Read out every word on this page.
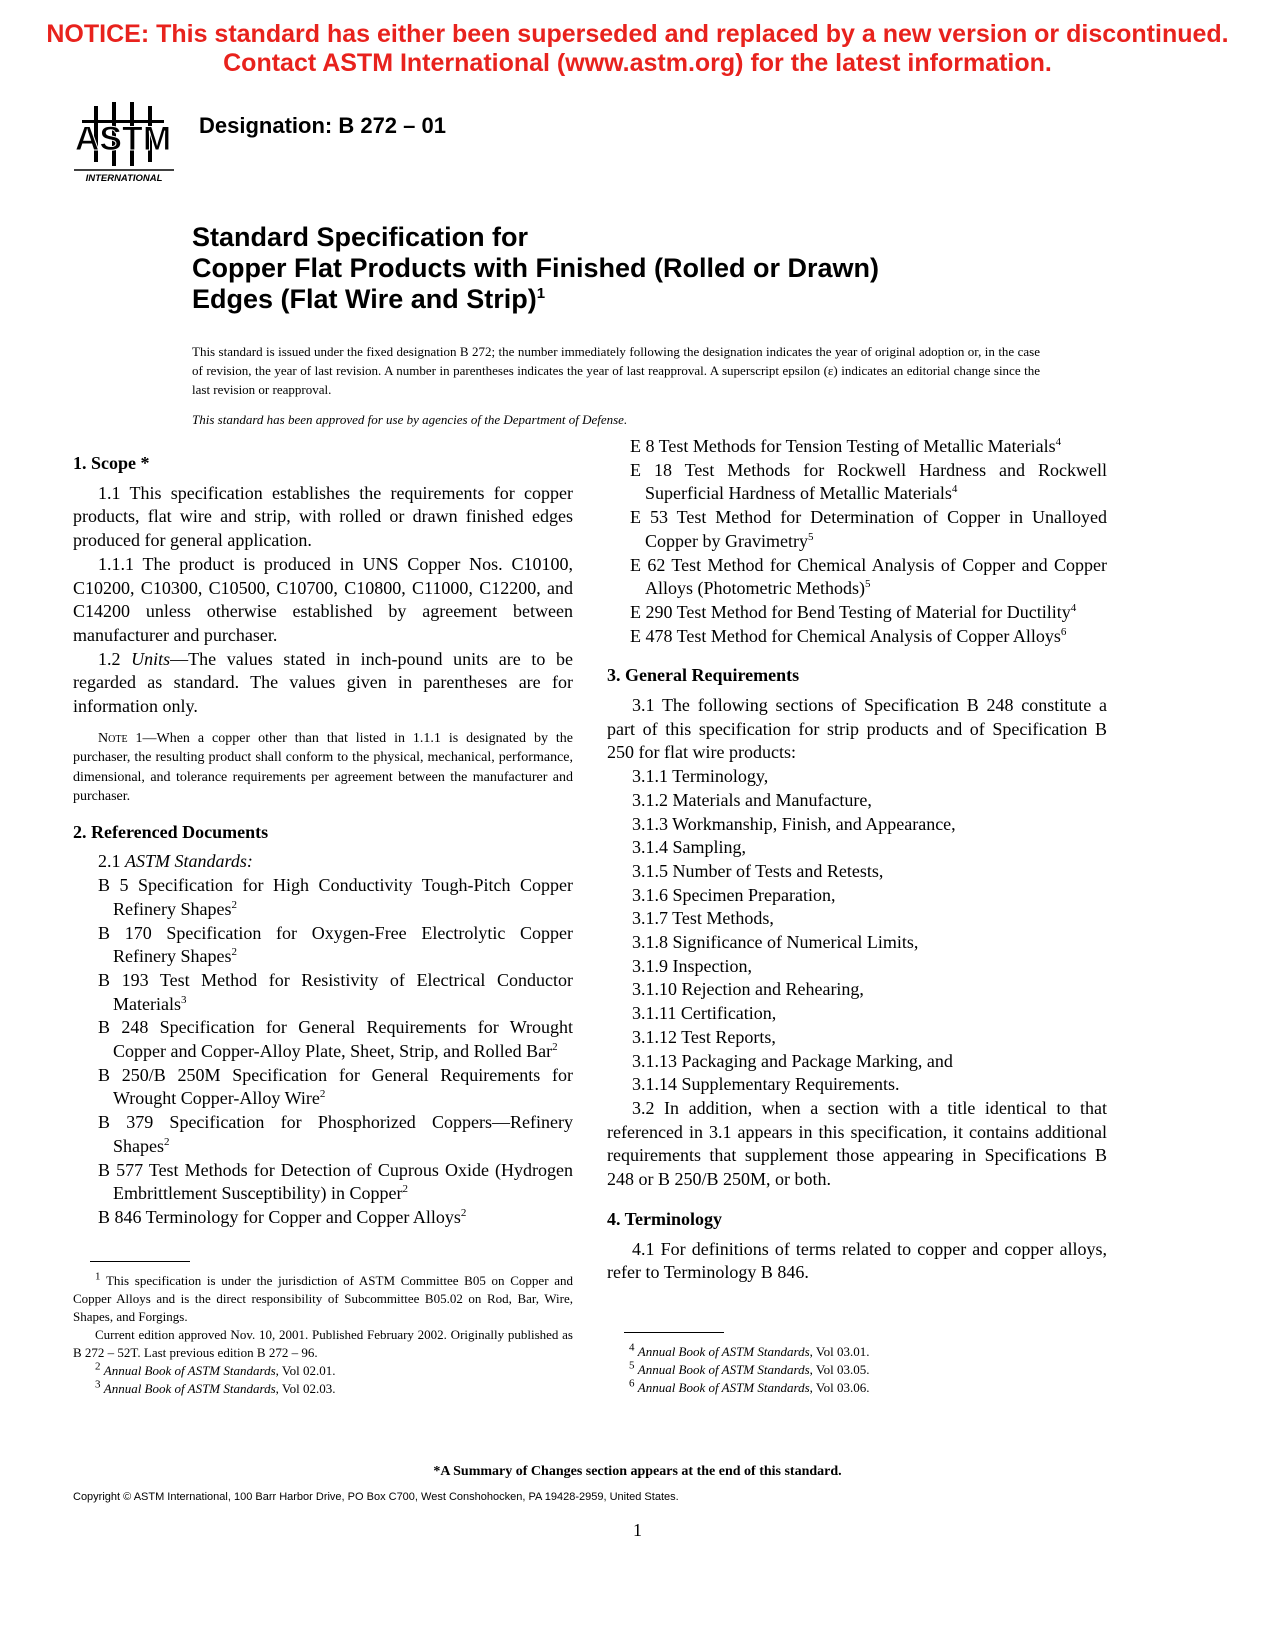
NOTICE: This standard has either been superseded and replaced by a new version or discontinued.
Contact ASTM International (www.astm.org) for the latest information.
ASTM
INTERNATIONAL
Designation: B 272 – 01
Standard Specification for
Copper Flat Products with Finished (Rolled or Drawn)
Edges (Flat Wire and Strip)$^1$
This standard is issued under the fixed designation B 272; the number immediately following the designation indicates the year of original adoption or, in the case of revision, the year of last revision. A number in parentheses indicates the year of last reapproval. A superscript epsilon (ε) indicates an editorial change since the last revision or reapproval.
This standard has been approved for use by agencies of the Department of Defense.
1. Scope *

1.1 This specification establishes the requirements for copper products, flat wire and strip, with rolled or drawn finished edges produced for general application.

1.1.1 The product is produced in UNS Copper Nos. C10100, C10200, C10300, C10500, C10700, C10800, C11000, C12200, and C14200 unless otherwise established by agreement between manufacturer and purchaser.

1.2 Units—The values stated in inch-pound units are to be regarded as standard. The values given in parentheses are for information only.

Note 1—When a copper other than that listed in 1.1.1 is designated by the purchaser, the resulting product shall conform to the physical, mechanical, performance, dimensional, and tolerance requirements per agreement between the manufacturer and purchaser.

2. Referenced Documents

2.1 ASTM Standards:

B 5 Specification for High Conductivity Tough-Pitch Copper Refinery Shapes$^2$
B 170 Specification for Oxygen-Free Electrolytic Copper Refinery Shapes$^2$
B 193 Test Method for Resistivity of Electrical Conductor Materials$^3$
B 248 Specification for General Requirements for Wrought Copper and Copper-Alloy Plate, Sheet, Strip, and Rolled Bar$^2$
B 250/B 250M Specification for General Requirements for Wrought Copper-Alloy Wire$^2$
B 379 Specification for Phosphorized Coppers—Refinery Shapes$^2$
B 577 Test Methods for Detection of Cuprous Oxide (Hydrogen Embrittlement Susceptibility) in Copper$^2$
B 846 Terminology for Copper and Copper Alloys$^2$

$^1$ This specification is under the jurisdiction of ASTM Committee B05 on Copper and Copper Alloys and is the direct responsibility of Subcommittee B05.02 on Rod, Bar, Wire, Shapes, and Forgings.

Current edition approved Nov. 10, 2001. Published February 2002. Originally published as B 272 – 52T. Last previous edition B 272 – 96.

$^2$ Annual Book of ASTM Standards, Vol 02.01.

$^3$ Annual Book of ASTM Standards, Vol 02.03.

E 8 Test Methods for Tension Testing of Metallic Materials$^4$
E 18 Test Methods for Rockwell Hardness and Rockwell Superficial Hardness of Metallic Materials$^4$
E 53 Test Method for Determination of Copper in Unalloyed Copper by Gravimetry$^5$
E 62 Test Method for Chemical Analysis of Copper and Copper Alloys (Photometric Methods)$^5$
E 290 Test Method for Bend Testing of Material for Ductility$^4$
E 478 Test Method for Chemical Analysis of Copper Alloys$^6$
3. General Requirements

3.1 The following sections of Specification B 248 constitute a part of this specification for strip products and of Specification B 250 for flat wire products:

3.1.1 Terminology,
3.1.2 Materials and Manufacture,
3.1.3 Workmanship, Finish, and Appearance,
3.1.4 Sampling,
3.1.5 Number of Tests and Retests,
3.1.6 Specimen Preparation,
3.1.7 Test Methods,
3.1.8 Significance of Numerical Limits,
3.1.9 Inspection,
3.1.10 Rejection and Rehearing,
3.1.11 Certification,
3.1.12 Test Reports,
3.1.13 Packaging and Package Marking, and
3.1.14 Supplementary Requirements.

3.2 In addition, when a section with a title identical to that referenced in 3.1 appears in this specification, it contains additional requirements that supplement those appearing in Specifications B 248 or B 250/B 250M, or both.

4. Terminology

4.1 For definitions of terms related to copper and copper alloys, refer to Terminology B 846.

$^4$ Annual Book of ASTM Standards, Vol 03.01.

$^5$ Annual Book of ASTM Standards, Vol 03.05.

$^6$ Annual Book of ASTM Standards, Vol 03.06.

*A Summary of Changes section appears at the end of this standard.
Copyright © ASTM International, 100 Barr Harbor Drive, PO Box C700, West Conshohocken, PA 19428-2959, United States.
1
